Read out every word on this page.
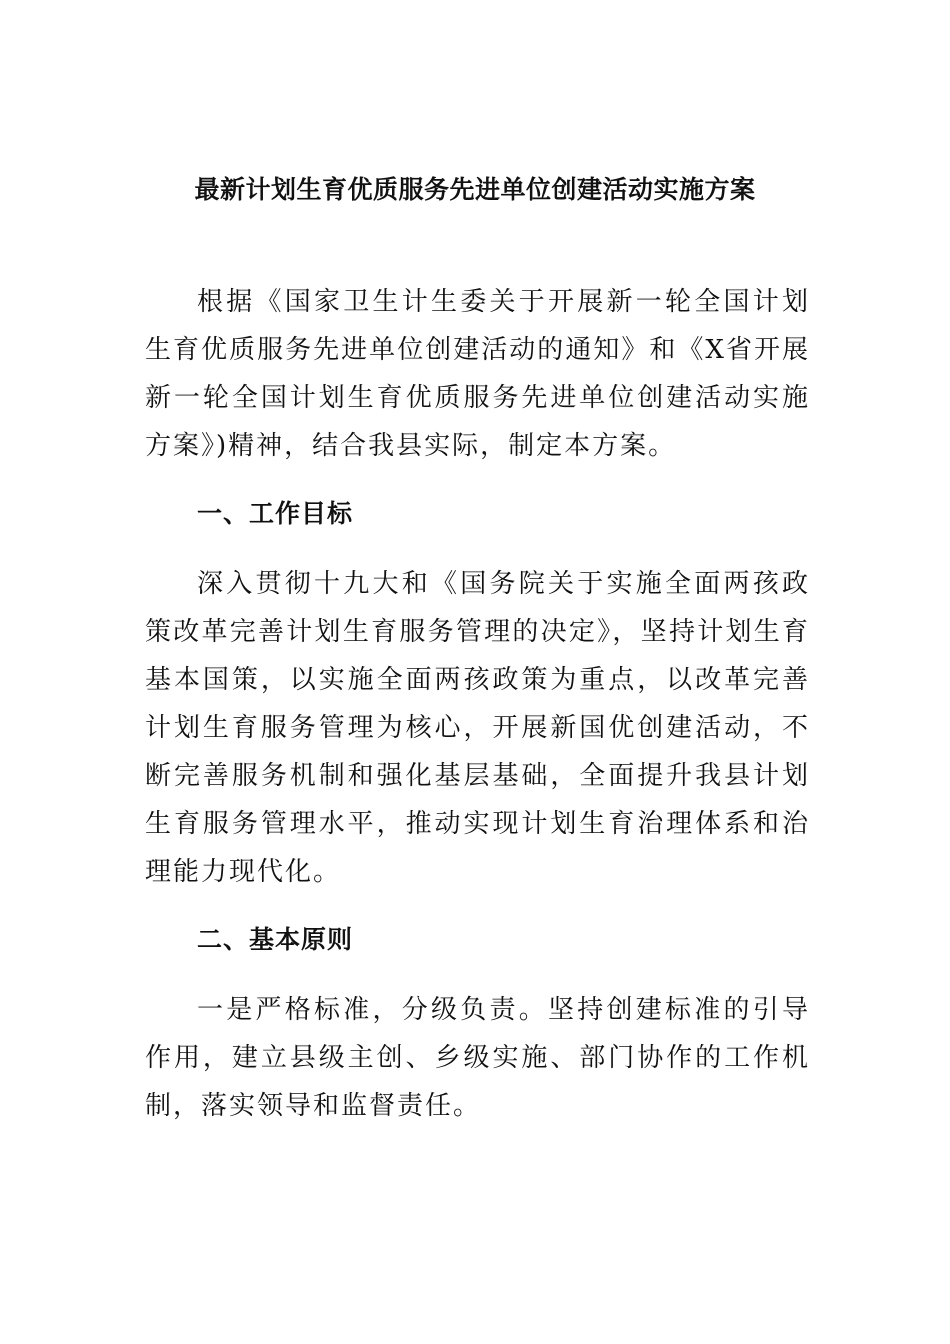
最新计划生育优质服务先进单位创建活动实施方案

根据《国家卫生计生委关于开展新一轮全国计划生育优质服务先进单位创建活动的通知》和《X省开展新一轮全国计划生育优质服务先进单位创建活动实施方案》)精神，结合我县实际，制定本方案。

一、工作目标

深入贯彻十九大和《国务院关于实施全面两孩政策改革完善计划生育服务管理的决定》，坚持计划生育基本国策，以实施全面两孩政策为重点，以改革完善计划生育服务管理为核心，开展新国优创建活动，不断完善服务机制和强化基层基础，全面提升我县计划生育服务管理水平，推动实现计划生育治理体系和治理能力现代化。

二、基本原则

一是严格标准，分级负责。坚持创建标准的引导作用，建立县级主创、乡级实施、部门协作的工作机制，落实领导和监督责任。
